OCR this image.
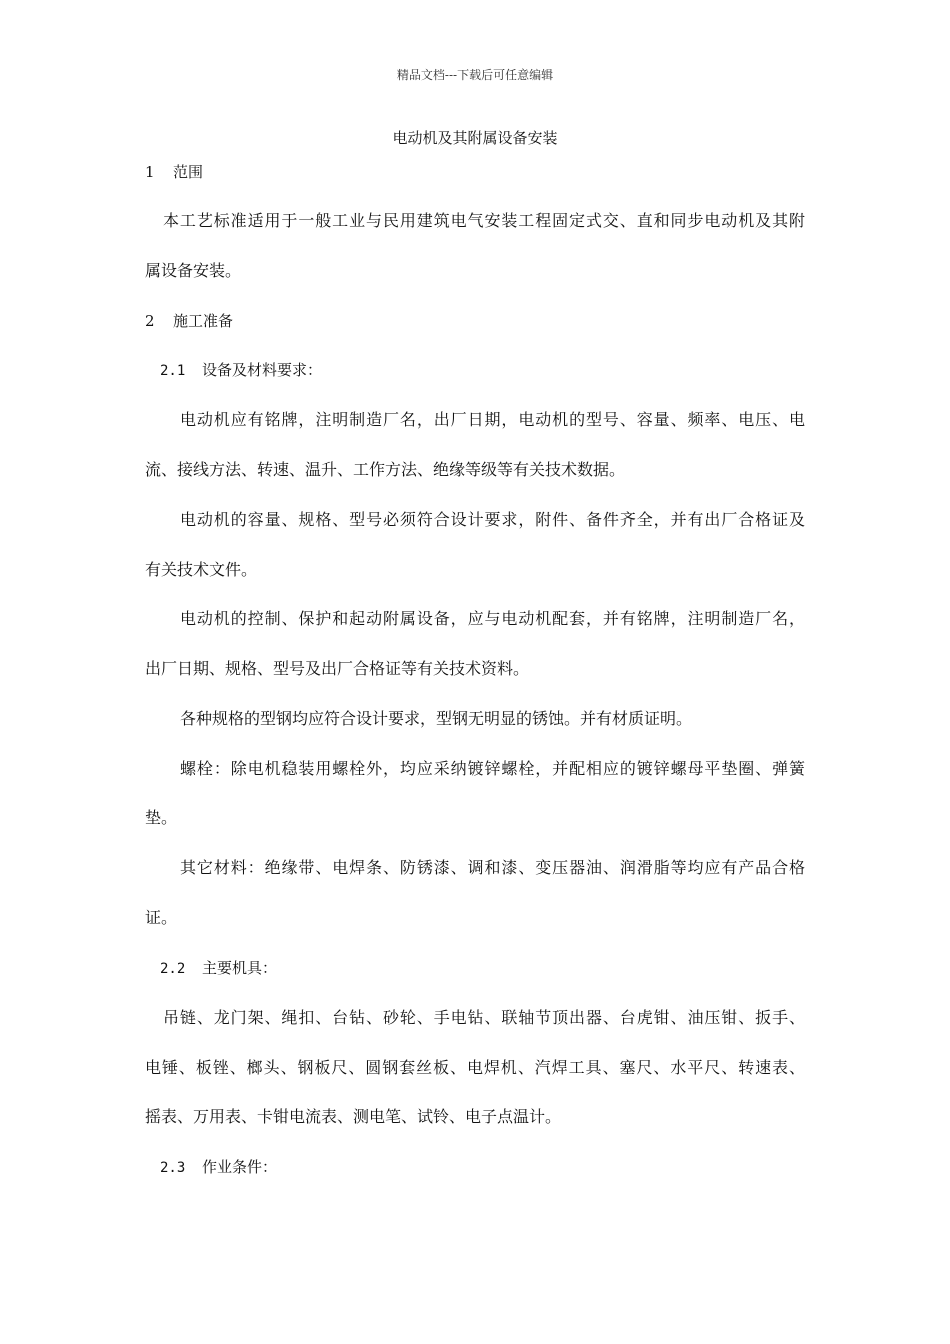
精品文档---下载后可任意编辑
电动机及其附属设备安装
1 范围
本工艺标准适用于一般工业与民用建筑电气安装工程固定式交、直和同步电动机及其附
属设备安装。
2 施工准备
2.1 设备及材料要求：
电动机应有铭牌，注明制造厂名，出厂日期，电动机的型号、容量、频率、电压、电
流、接线方法、转速、温升、工作方法、绝缘等级等有关技术数据。
电动机的容量、规格、型号必须符合设计要求，附件、备件齐全，并有出厂合格证及
有关技术文件。
电动机的控制、保护和起动附属设备，应与电动机配套，并有铭牌，注明制造厂名，
出厂日期、规格、型号及出厂合格证等有关技术资料。
各种规格的型钢均应符合设计要求，型钢无明显的锈蚀。并有材质证明。
螺栓：除电机稳装用螺栓外，均应采纳镀锌螺栓，并配相应的镀锌螺母平垫圈、弹簧
垫。
其它材料：绝缘带、电焊条、防锈漆、调和漆、变压器油、润滑脂等均应有产品合格
证。
2.2 主要机具：
吊链、龙门架、绳扣、台钻、砂轮、手电钻、联轴节顶出器、台虎钳、油压钳、扳手、
电锤、板锉、榔头、钢板尺、圆钢套丝板、电焊机、汽焊工具、塞尺、水平尺、转速表、
摇表、万用表、卡钳电流表、测电笔、试铃、电子点温计。
2.3 作业条件：
